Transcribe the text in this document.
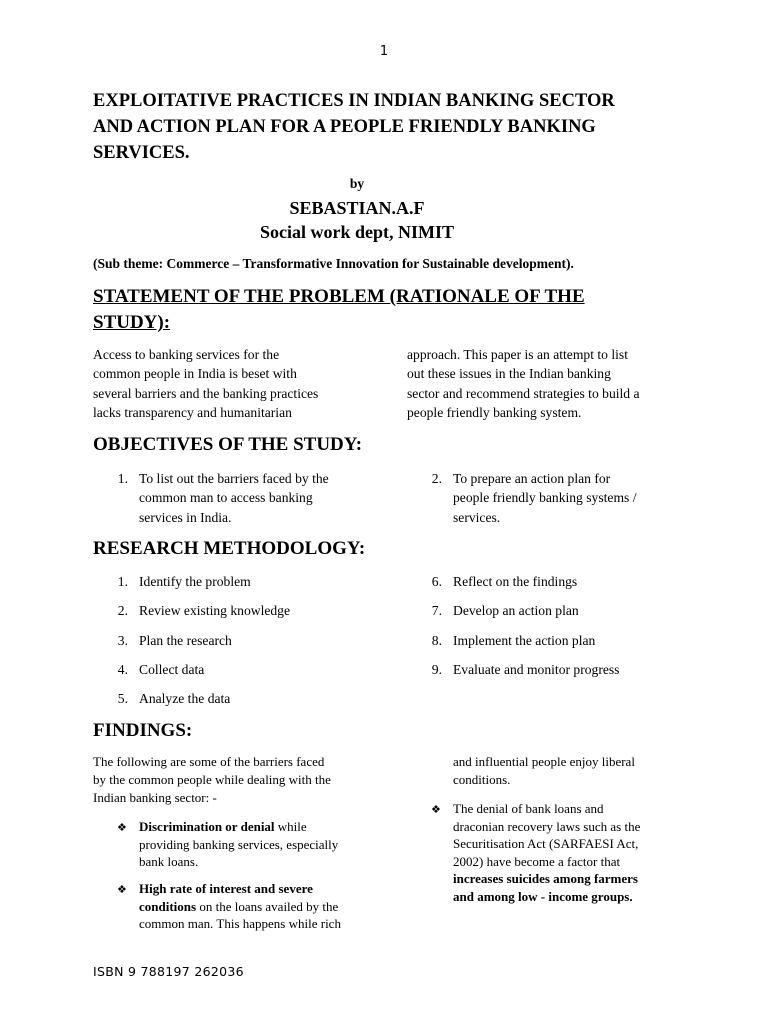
1
EXPLOITATIVE PRACTICES IN INDIAN BANKING SECTOR
AND ACTION PLAN FOR A PEOPLE FRIENDLY BANKING
SERVICES.
by
SEBASTIAN.A.F
Social work dept, NIMIT
(Sub theme: Commerce – Transformative Innovation for Sustainable development).
STATEMENT OF THE PROBLEM (RATIONALE OF THE
STUDY):
Access to banking services for the
common people in India is beset with
several barriers and the banking practices
lacks transparency and humanitarian
approach. This paper is an attempt to list
out these issues in the Indian banking
sector and recommend strategies to build a
people friendly banking system.
OBJECTIVES OF THE STUDY:
1. To list out the barriers faced by the
common man to access banking
services in India.
2. To prepare an action plan for
people friendly banking systems /
services.
RESEARCH METHODOLOGY:
1. Identify the problem
2. Review existing knowledge
3. Plan the research
4. Collect data
5. Analyze the data
6. Reflect on the findings
7. Develop an action plan
8. Implement the action plan
9. Evaluate and monitor progress
FINDINGS:
The following are some of the barriers faced
by the common people while dealing with the
Indian banking sector: -
❖ Discrimination or denial while
providing banking services, especially
bank loans.
❖ High rate of interest and severe
conditions on the loans availed by the
common man. This happens while rich
and influential people enjoy liberal
conditions.
❖ The denial of bank loans and
draconian recovery laws such as the
Securitisation Act (SARFAESI Act,
2002) have become a factor that
increases suicides among farmers
and among low - income groups.
ISBN 9 788197 262036
